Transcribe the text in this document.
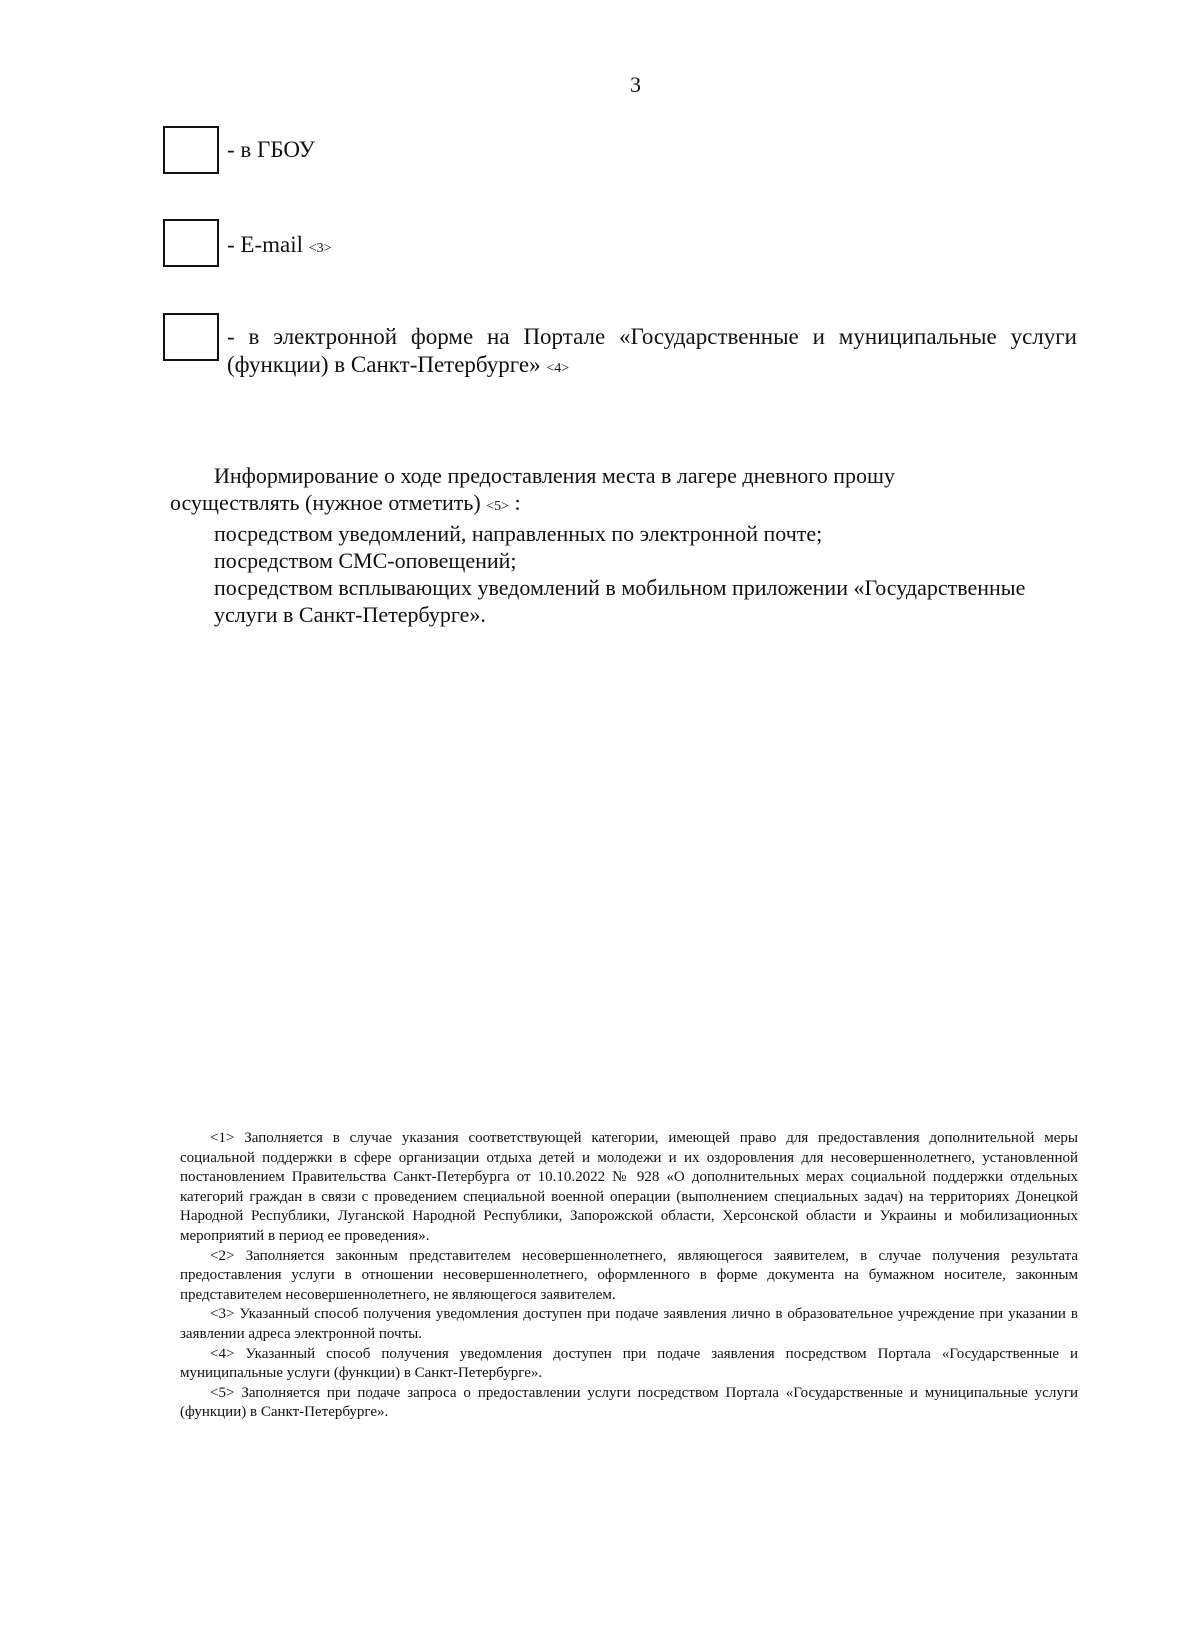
3
- в ГБОУ
- E-mail <3>
- в электронной форме на Портале «Государственные и муниципальные услуги (функции) в Санкт-Петербурге» <4>
Информирование о ходе предоставления места в лагере дневного прошу
осуществлять (нужное отметить) <5> :
посредством уведомлений, направленных по электронной почте;
посредством СМС-оповещений;
посредством всплывающих уведомлений в мобильном приложении «Государственные услуги в Санкт-Петербурге».

<1> Заполняется в случае указания соответствующей категории, имеющей право для предоставления дополнительной меры социальной поддержки в сфере организации отдыха детей и молодежи и их оздоровления для несовершеннолетнего, установленной постановлением Правительства Санкт-Петербурга от 10.10.2022 № 928 «О дополнительных мерах социальной поддержки отдельных категорий граждан в связи с проведением специальной военной операции (выполнением специальных задач) на территориях Донецкой Народной Республики, Луганской Народной Республики, Запорожской области, Херсонской области и Украины и мобилизационных мероприятий в период ее проведения».

<2> Заполняется законным представителем несовершеннолетнего, являющегося заявителем, в случае получения результата предоставления услуги в отношении несовершеннолетнего, оформленного в форме документа на бумажном носителе, законным представителем несовершеннолетнего, не являющегося заявителем.

<3> Указанный способ получения уведомления доступен при подаче заявления лично в образовательное учреждение при указании в заявлении адреса электронной почты.

<4> Указанный способ получения уведомления доступен при подаче заявления посредством Портала «Государственные и муниципальные услуги (функции) в Санкт-Петербурге».

<5> Заполняется при подаче запроса о предоставлении услуги посредством Портала «Государственные и муниципальные услуги (функции) в Санкт-Петербурге».
